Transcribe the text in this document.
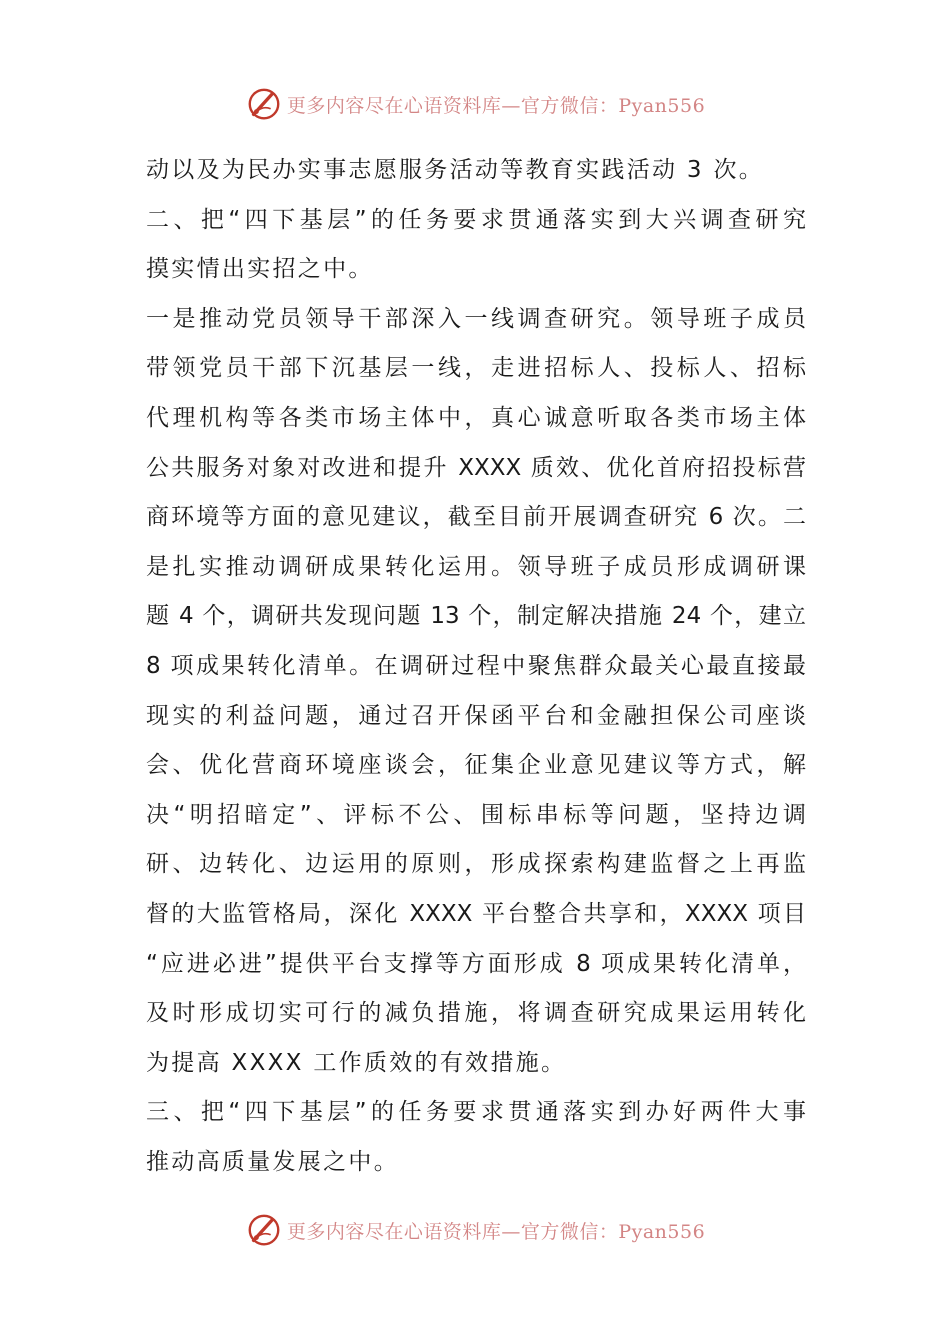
更多内容尽在心语资料库—官方微信：Pyan556
动以及为民办实事志愿服务活动等教育实践活动 3 次。
二、把“四下基层”的任务要求贯通落实到大兴调查研究
摸实情出实招之中。
一是推动党员领导干部深入一线调查研究。领导班子成员
带领党员干部下沉基层一线，走进招标人、投标人、招标
代理机构等各类市场主体中，真心诚意听取各类市场主体
公共服务对象对改进和提升 XXXX 质效、优化首府招投标营
商环境等方面的意见建议，截至目前开展调查研究 6 次。二
是扎实推动调研成果转化运用。领导班子成员形成调研课
题 4 个，调研共发现问题 13 个，制定解决措施 24 个，建立
8 项成果转化清单。在调研过程中聚焦群众最关心最直接最
现实的利益问题，通过召开保函平台和金融担保公司座谈
会、优化营商环境座谈会，征集企业意见建议等方式，解
决“明招暗定”、评标不公、围标串标等问题，坚持边调
研、边转化、边运用的原则，形成探索构建监督之上再监
督的大监管格局，深化 XXXX 平台整合共享和，XXXX 项目
“应进必进”提供平台支撑等方面形成 8 项成果转化清单，
及时形成切实可行的减负措施，将调查研究成果运用转化
为提高 XXXX 工作质效的有效措施。
三、把“四下基层”的任务要求贯通落实到办好两件大事
推动高质量发展之中。
更多内容尽在心语资料库—官方微信：Pyan556
